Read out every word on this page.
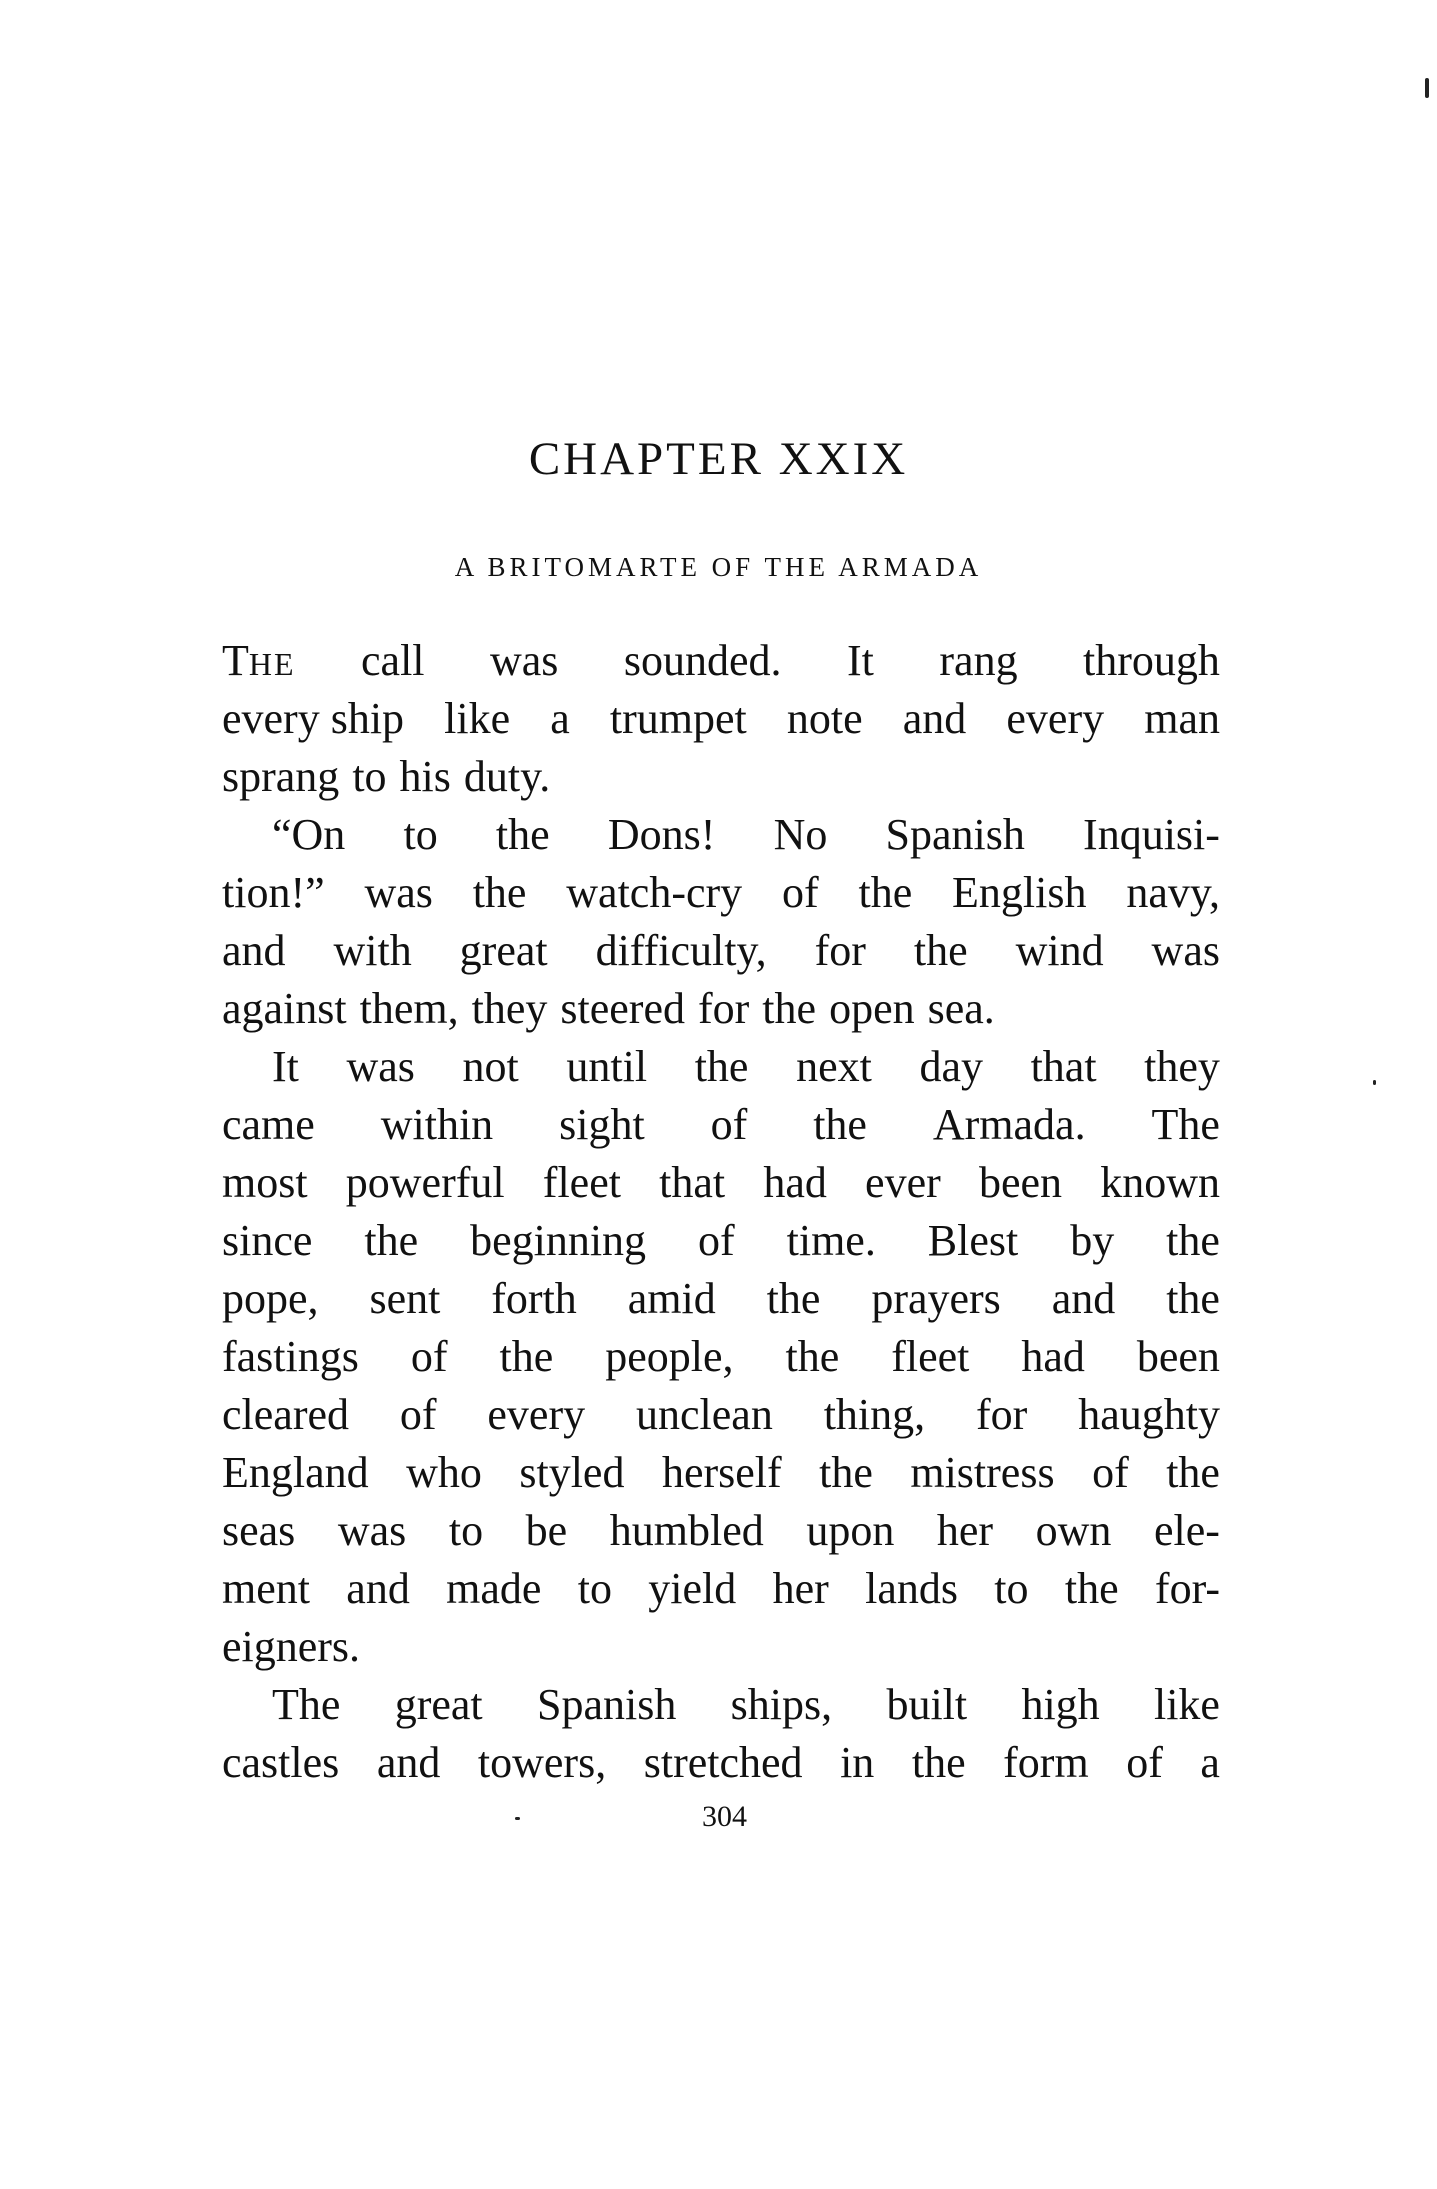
CHAPTER XXIX
A BRITOMARTE OF THE ARMADA
THE call was sounded. It rang through
every ship like a trumpet note and every man
sprang to his duty.
“On to the Dons! No Spanish Inquisi-
tion!” was the watch-cry of the English navy,
and with great difficulty, for the wind was
against them, they steered for the open sea.
It was not until the next day that they
came within sight of the Armada. The
most powerful fleet that had ever been known
since the beginning of time. Blest by the
pope, sent forth amid the prayers and the
fastings of the people, the fleet had been
cleared of every unclean thing, for haughty
England who styled herself the mistress of the
seas was to be humbled upon her own ele-
ment and made to yield her lands to the for-
eigners.
The great Spanish ships, built high like
castles and towers, stretched in the form of a
304
